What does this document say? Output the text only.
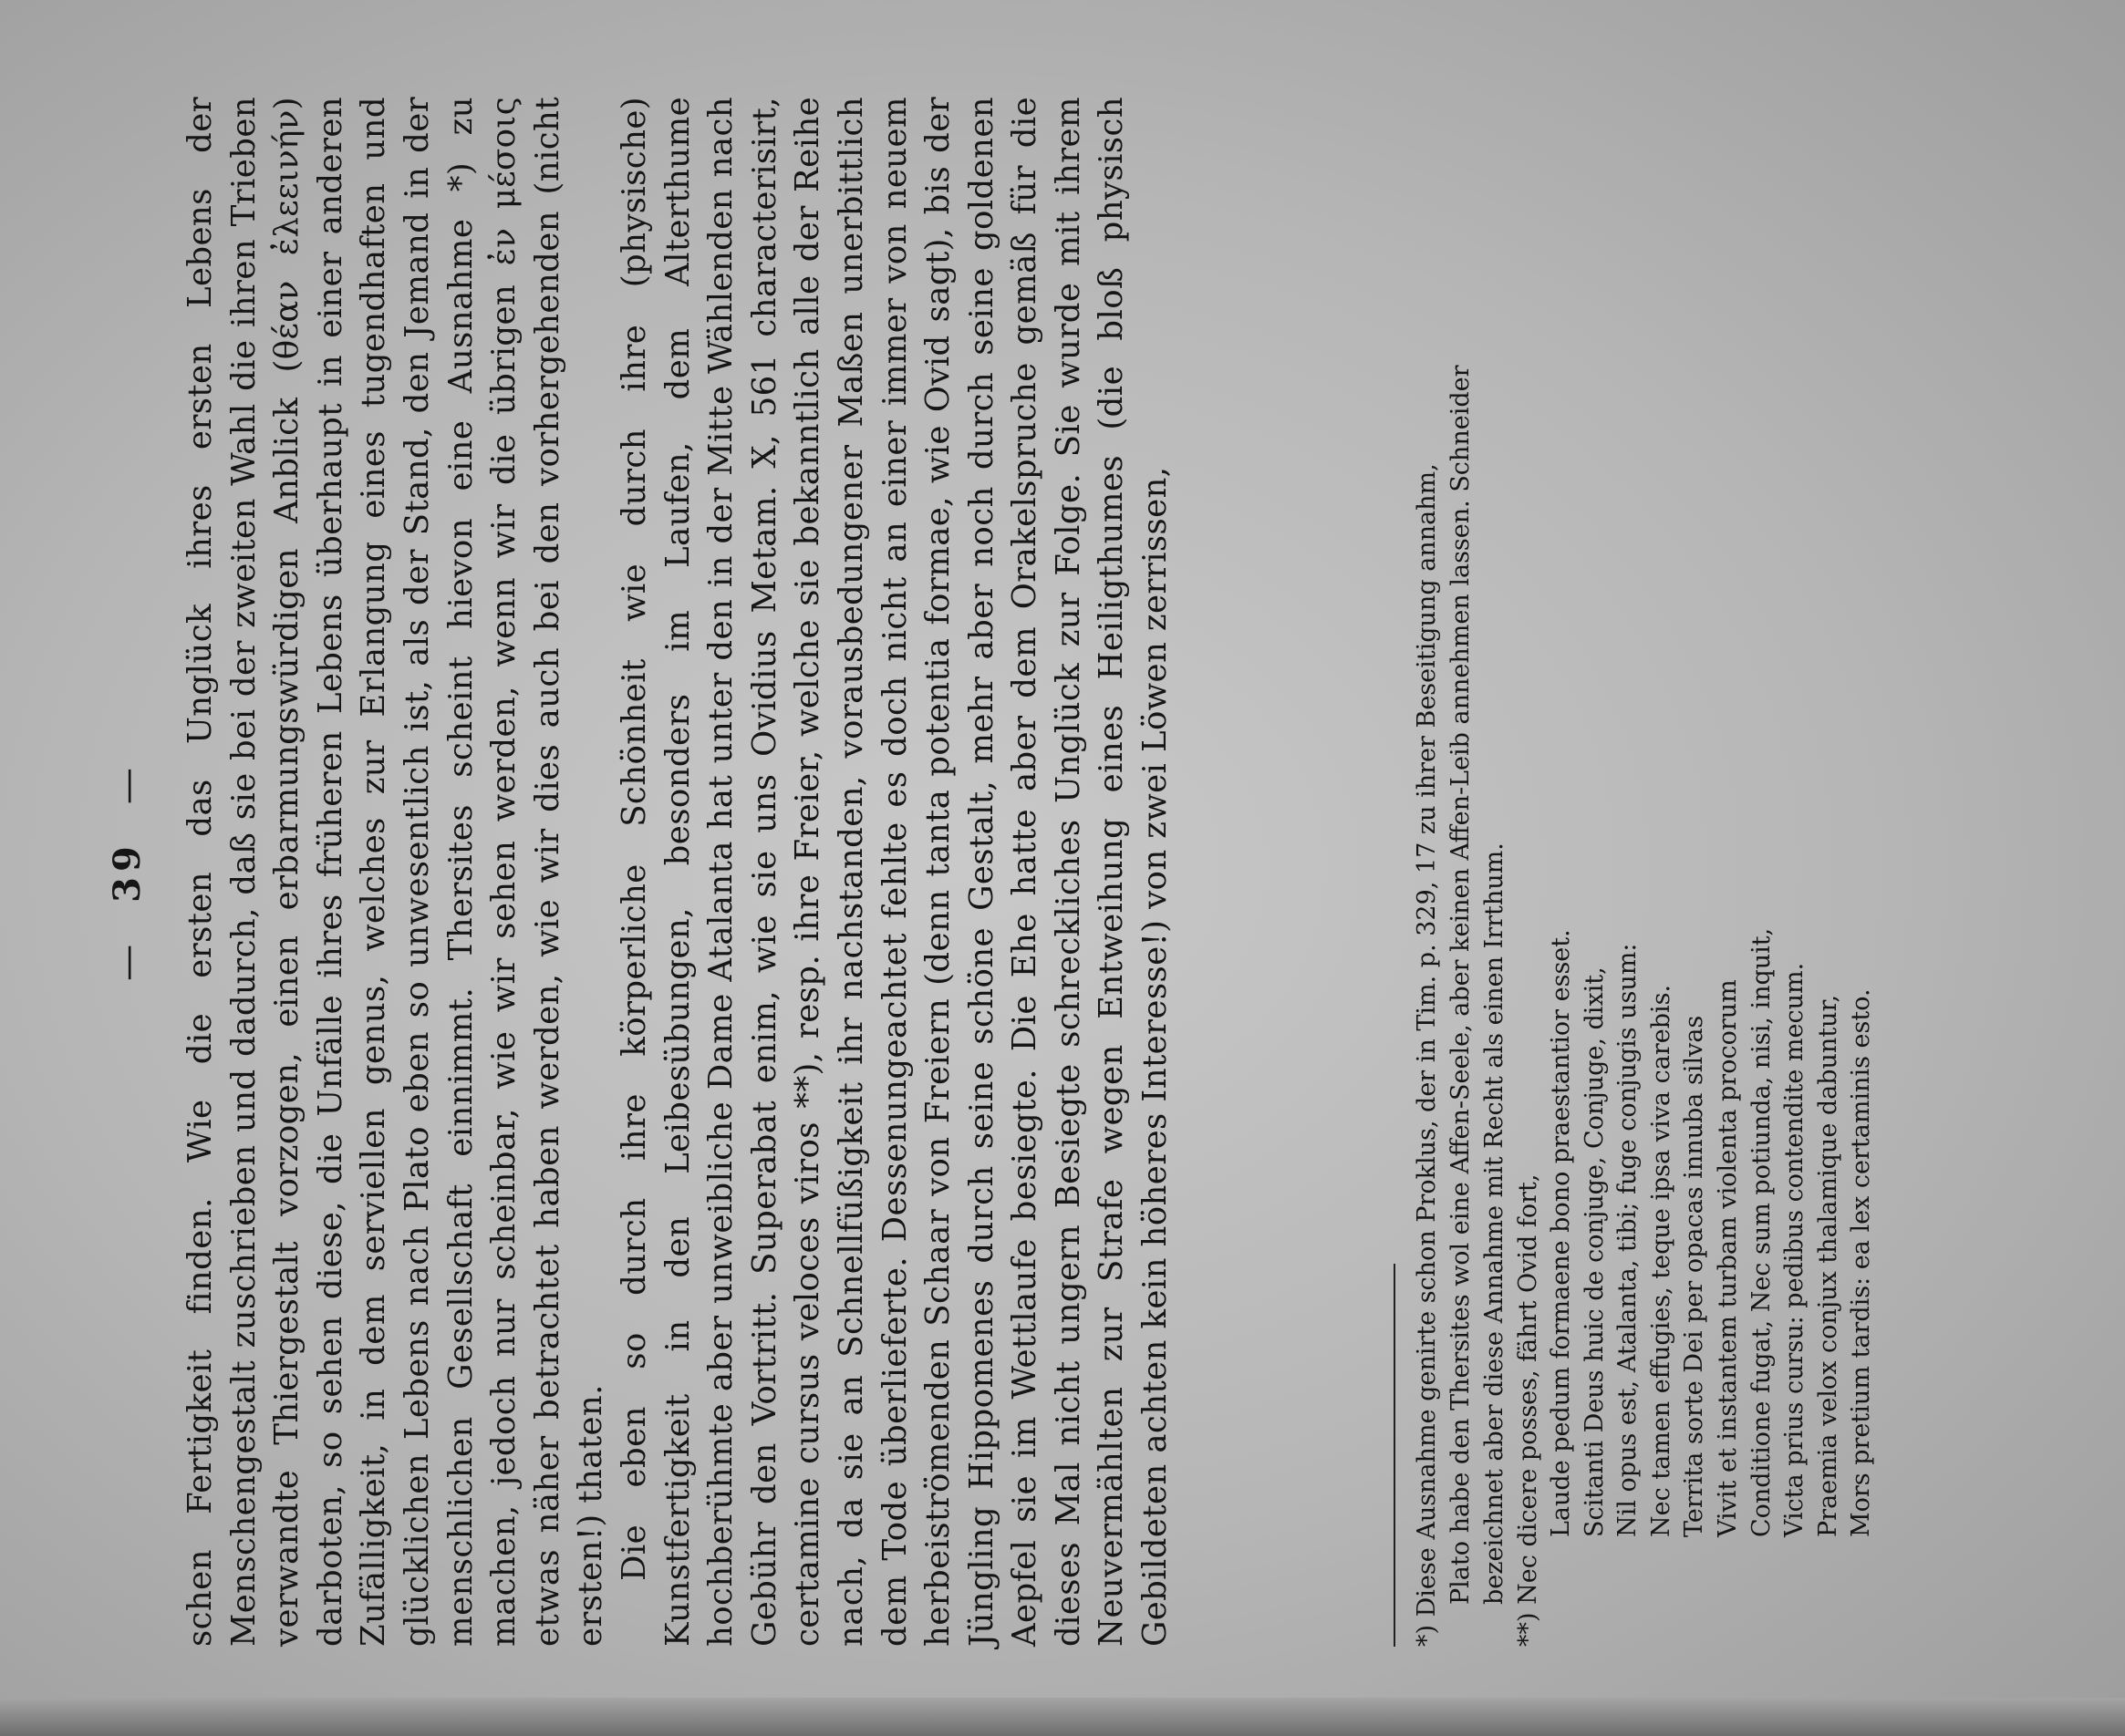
—39— schen Fertigkeit finden. Wie die ersten das Unglück ihres ersten Lebens der Menschengestalt zuschrieben und dadurch, daß sie bei der zweiten Wahl die ihren Trieben verwandte Thiergestalt vorzogen, einen erbarmungswürdigen Anblick (θέαν ἐλεεινήν) darboten, so sehen diese, die Unfälle ihres früheren Lebens überhaupt in einer anderen Zufälligkeit, in dem serviellen genus, welches zur Erlangung eines tugendhaften und glücklichen Lebens nach Plato eben so unwesentlich ist, als der Stand, den Jemand in der menschlichen Gesellschaft einnimmt. Thersites scheint hievon eine Ausnahme *) zu machen, jedoch nur scheinbar, wie wir sehen werden, wenn wir die übrigen ἐν μέσοις etwas näher betrachtet haben werden, wie wir dies auch bei den vorhergehenden (nicht ersten!) thaten. Die eben so durch ihre körperliche Schönheit wie durch ihre (physische) Kunstfertigkeit in den Leibesübungen, besonders im Laufen, dem Alterthume hochberühmte aber unweibliche Dame Atalanta hat unter den in der Mitte Wählenden nach Gebühr den Vortritt. Superabat enim, wie sie uns Ovidius Metam. X, 561 characterisirt, certamine cursus veloces viros **), resp. ihre Freier, welche sie bekanntlich alle der Reihe nach, da sie an Schnellfüßigkeit ihr nachstanden, vorausbedungener Maßen unerbittlich dem Tode überlieferte. Dessenungeachtet fehlte es doch nicht an einer immer von neuem herbeiströmenden Schaar von Freiern (denn tanta potentia formae, wie Ovid sagt), bis der Jüngling Hippomenes durch seine schöne Gestalt, mehr aber noch durch seine goldenen Aepfel sie im Wettlaufe besiegte. Die Ehe hatte aber dem Orakelspruche gemäß für die dieses Mal nicht ungern Besiegte schreckliches Unglück zur Folge. Sie wurde mit ihrem Neuvermählten zur Strafe wegen Entweihung eines Heiligthumes (die bloß physisch Gebildeten achten kein höheres Interesse!) von zwei Löwen zerrissen,	*) Diese Ausnahme genirte schon Proklus, der in Tim. p. 329, 17 zu ihrer Beseitigung annahm, Plato habe den Thersites wol eine Affen-Seele, aber keinen Affen-Leib annehmen lassen. Schneider bezeichnet aber diese Annahme mit Recht als einen Irrthum.

**) Nec dicere posses, fährt Ovid fort, Laude pedum formaene bono praestantior esset. Scitanti Deus huic de conjuge, Conjuge, dixit, Nil opus est, Atalanta, tibi; fuge conjugis usum: Nec tamen effugies, teque ipsa viva carebis. Territa sorte Dei per opacas innuba silvas Vivit et instantem turbam violenta procorum Conditione fugat, Nec sum potiunda, nisi, inquit, Victa prius cursu: pedibus contendite mecum. Praemia velox conjux thalamique dabuntur, Mors pretium tardis: ea lex certaminis esto.
